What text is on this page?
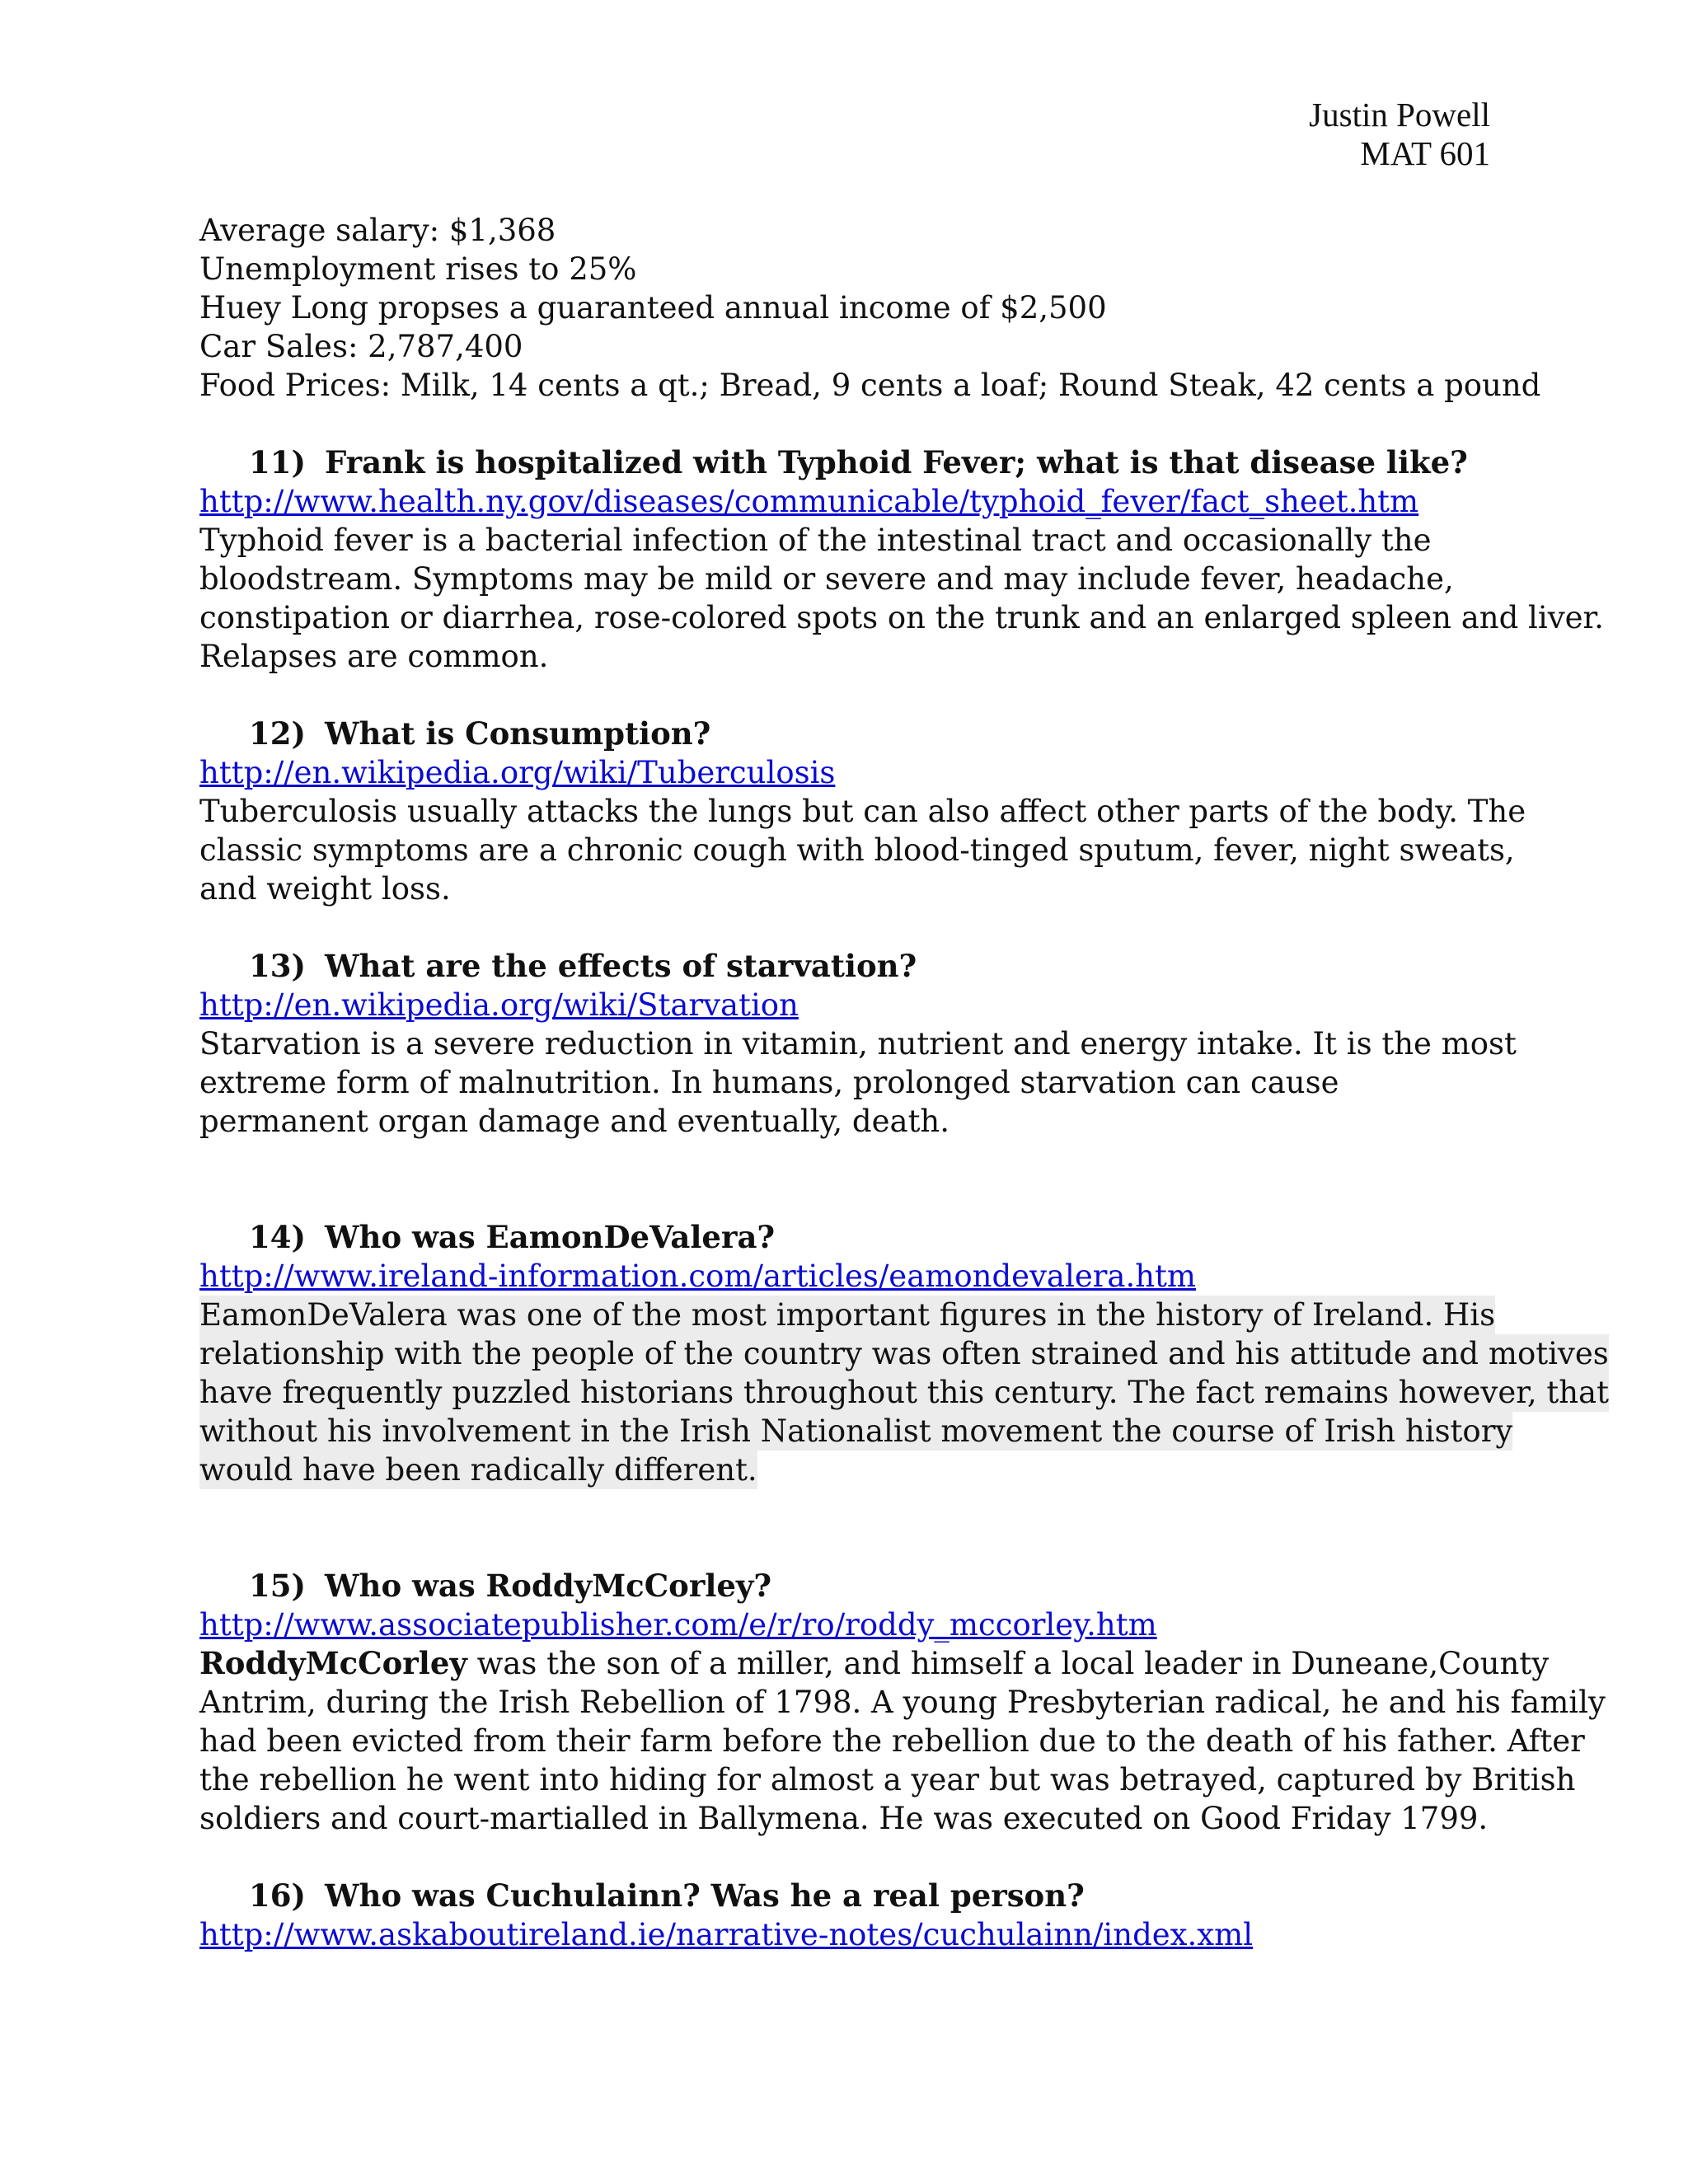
Justin Powell
MAT 601
Average salary: $1,368
Unemployment rises to 25%
Huey Long propses a guaranteed annual income of $2,500
Car Sales: 2,787,400
Food Prices: Milk, 14 cents a qt.; Bread, 9 cents a loaf; Round Steak, 42 cents a pound
11) Frank is hospitalized with Typhoid Fever; what is that disease like?
http://www.health.ny.gov/diseases/communicable/typhoid_fever/fact_sheet.htm
Typhoid fever is a bacterial infection of the intestinal tract and occasionally the
bloodstream. Symptoms may be mild or severe and may include fever, headache,
constipation or diarrhea, rose-colored spots on the trunk and an enlarged spleen and liver.
Relapses are common.
12) What is Consumption?
http://en.wikipedia.org/wiki/Tuberculosis
Tuberculosis usually attacks the lungs but can also affect other parts of the body. The
classic symptoms are a chronic cough with blood-tinged sputum, fever, night sweats,
and weight loss.
13) What are the effects of starvation?
http://en.wikipedia.org/wiki/Starvation
Starvation is a severe reduction in vitamin, nutrient and energy intake. It is the most
extreme form of malnutrition. In humans, prolonged starvation can cause
permanent organ damage and eventually, death.
14) Who was EamonDeValera?
http://www.ireland-information.com/articles/eamondevalera.htm
EamonDeValera was one of the most important figures in the history of Ireland. His
relationship with the people of the country was often strained and his attitude and motives
have frequently puzzled historians throughout this century. The fact remains however, that
without his involvement in the Irish Nationalist movement the course of Irish history
would have been radically different.
15) Who was RoddyMcCorley?
http://www.associatepublisher.com/e/r/ro/roddy_mccorley.htm
RoddyMcCorley was the son of a miller, and himself a local leader in Duneane,County
Antrim, during the Irish Rebellion of 1798. A young Presbyterian radical, he and his family
had been evicted from their farm before the rebellion due to the death of his father. After
the rebellion he went into hiding for almost a year but was betrayed, captured by British
soldiers and court-martialled in Ballymena. He was executed on Good Friday 1799.
16) Who was Cuchulainn? Was he a real person?
http://www.askaboutireland.ie/narrative-notes/cuchulainn/index.xml
